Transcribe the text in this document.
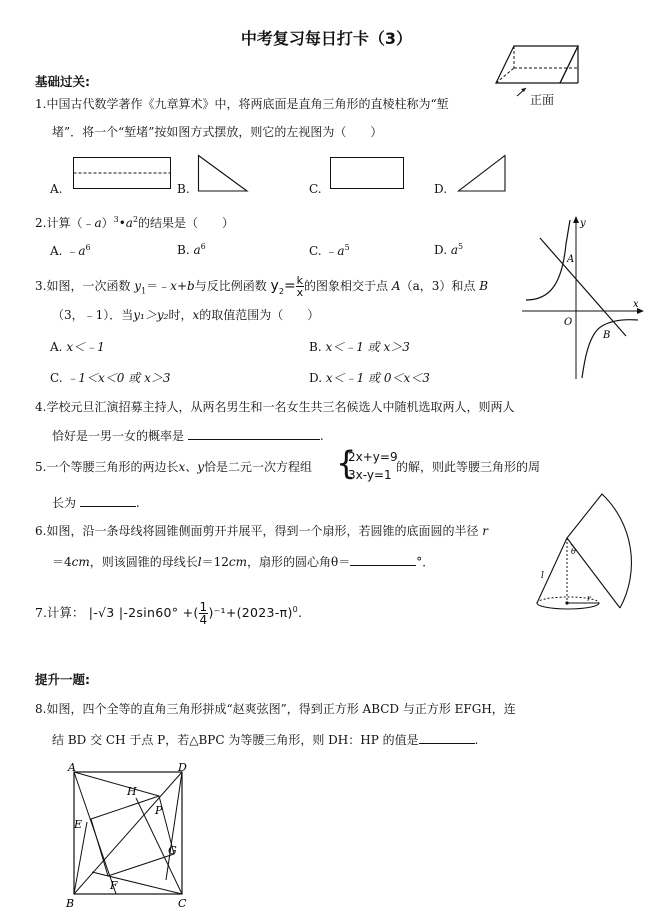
中考复习每日打卡（3）
正面
基础过关:
1.中国古代数学著作《九章算术》中，将两底面是直角三角形的直棱柱称为“堑
堵”．将一个“堑堵”按如图方式摆放，则它的左视图为（　　）
A.	B.	C.	D.
2.计算$(﹣a)^3•a^2$的结果是（　　）
A. $﹣a^6$	B. $a^6$	C. $﹣a^5$	D. $a^5$
3.如图，一次函数 $y_1=﹣x+b$与反比例函数 $y_2= \frac{k}{x}$ 的图象相交于点 A（a，3）和点 B
（3，﹣1）．当y₁＞y₂时，x的取值范围为（　　）
A. x＜﹣1	B. x＜﹣1 或 x＞3
C. ﹣1＜x＜0 或 x＞3	D. x＜﹣1 或 0＜x＜3
y
x
O
A
B
4.学校元旦汇演招募主持人，从两名男生和一名女生共三名候选人中随机选取两人，则两人
恰好是一男一女的概率是	.
5.一个等腰三角形的两边长x、y恰是二元一次方程组 {
2x+y=9
3x-y=1
的解，则此等腰三角形的周
长为	.
6.如图，沿一条母线将圆锥侧面剪开并展平，得到一个扇形，若圆锥的底面圆的半径 r
＝4cm，则该圆锥的母线长l＝12cm，扇形的圆心角θ＝	°．
θ
l
r
7.计算： |-√3 |-2sin60° +( $\frac{1}{4} )^{-1}+(2023-\pi)^0$.
提升一题:
8.如图，四个全等的直角三角形拼成“赵爽弦图”，得到正方形 ABCD 与正方形 EFGH，连
结 BD 交 CH 于点 P，若△BPC 为等腰三角形，则 DH：HP 的值是	.
A	D
B	C
E
F
G
H
P
